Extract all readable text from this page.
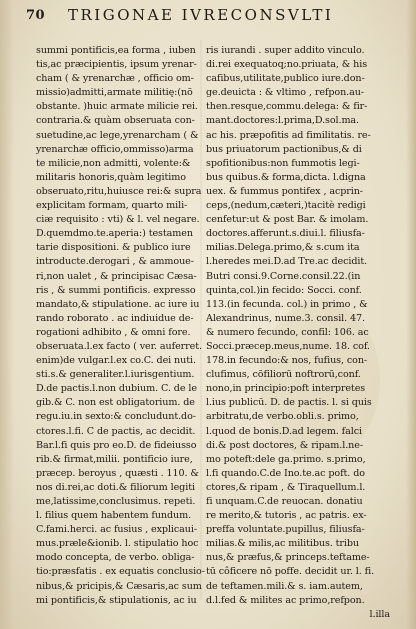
70 TRIGONAE IVRECONSVLTI
summi pontificis,ea forma , iuben
tis,ac præcipientis, ipsum yrenar-
cham ( & yrenarchæ , officio om-
missio)admitti,armate militię:(nō
obstante. )huic armate milicie rei.
contraria.& quàm obseruata con-
suetudine,ac lege,yrenarcham ( &
yrenarchæ officio,ommisso)arma
te milicie,non admitti, volente:&
militaris honoris,quàm legitimo
obseruato,ritu,huiusce rei:& supra
explicitam formam, quarto mili-
ciæ requisito : vti) & l. vel negare.
D.quemdmo.te.aperia:) testamen
tarie dispositioni. & publico iure
introducte.derogari , & ammoue-
ri,non ualet , & principisac Cæsa-
ris , & summi pontificis. expresso
mandato,& stipulatione. ac iure iu
rando roborato . ac indiuidue de-
rogationi adhibito , & omni fore.
obseruata.l.ex facto ( ver. auferret.
enim)de vulgar.l.ex co.C. dei nuti.
sti.s.& generaliter.l.iurisgentium.
D.de pactis.l.non dubium. C. de le
gib.& C. non est obligatorium. de
regu.iu.in sexto:& concludunt.do-
ctores.l.fi. C de pactis, ac decidit.
Bar.l.fi quis pro eo.D. de fideiusso
rib.& firmat,milii. pontificio iure,
præcep. beroyus , quæsti . 110. &
nos di.rei,ac doti.& filiorum legiti
me,latissime,conclusimus. repeti.
l. filius quem habentem fundum.
C.fami.herci. ac fusius , explicaui-
mus.præle&ionib. l. stipulatio hoc
modo concepta, de verbo. obliga-
tio:præsfatis . ex equatis conclusio-
nibus,& pricipis,& Cæsaris,ac sum
mi pontificis,& stipulationis, ac iu
ris iurandi . super addito vinculo.
di.rei exequatoq;no.priuata, & his
cafibus,utilitate,publico iure.don-
ge.deuicta : & vltimo , refpon.au-
then.resque,commu.delega: & fir-
mant.doctores:l.prima,D.sol.ma.
ac his. præpofitis ad fimilitatis. re-
bus priuatorum pactionibus,& di
spofitionibus:non fummotis legi-
bus quibus.& forma,dicta. l.digna
uex. & fummus pontifex , acprin-
ceps,(nedum,cæteri,)tacitè redigi
cenfetur:ut & post Bar. & imolam.
doctores.afferunt.s.diui.l. filiusfa-
milias.Delega.primo,& s.cum ita
l.heredes mei.D.ad Tre.ac decidit.
Butri consi.9.Corne.consil.22.(in
quinta,col.)in fecido: Socci. conf.
113.(in fecunda. col.) in primo , &
Alexandrinus, nume.3. consil. 47.
& numero fecundo, confil: 106. ac
Socci.præcep.meus,nume. 18. cof.
178.in fecundo:& nos, fufius, con-
clufimus, cōfiliorū noftrorū,conf.
nono,in principio:poft interpretes
l.ius publicū. D. de pactis. l. si quis
arbitratu,de verbo.obli.s. primo,
l.quod de bonis.D.ad legem. falci
di.& post doctores, & ripam.l.ne-
mo poteft:dele ga.primo. s.primo,
l.fi quando.C.de Ino.te.ac poft. do
ctores,& ripam , & Tiraquellum.l.
fi unquam.C.de reuocan. donatiu
re merito,& tutoris , ac patris. ex-
preffa voluntate.pupillus, filiusfa-
milias.& milis,ac militibus. tribu
nus,& præfus,& princeps.teftame-
tū côficere nō poffe. decidit ur. l. fi.
de teftamen.mili.& s. iam.autem,
d.l.fed & milites ac primo,refpon.
l.illa
